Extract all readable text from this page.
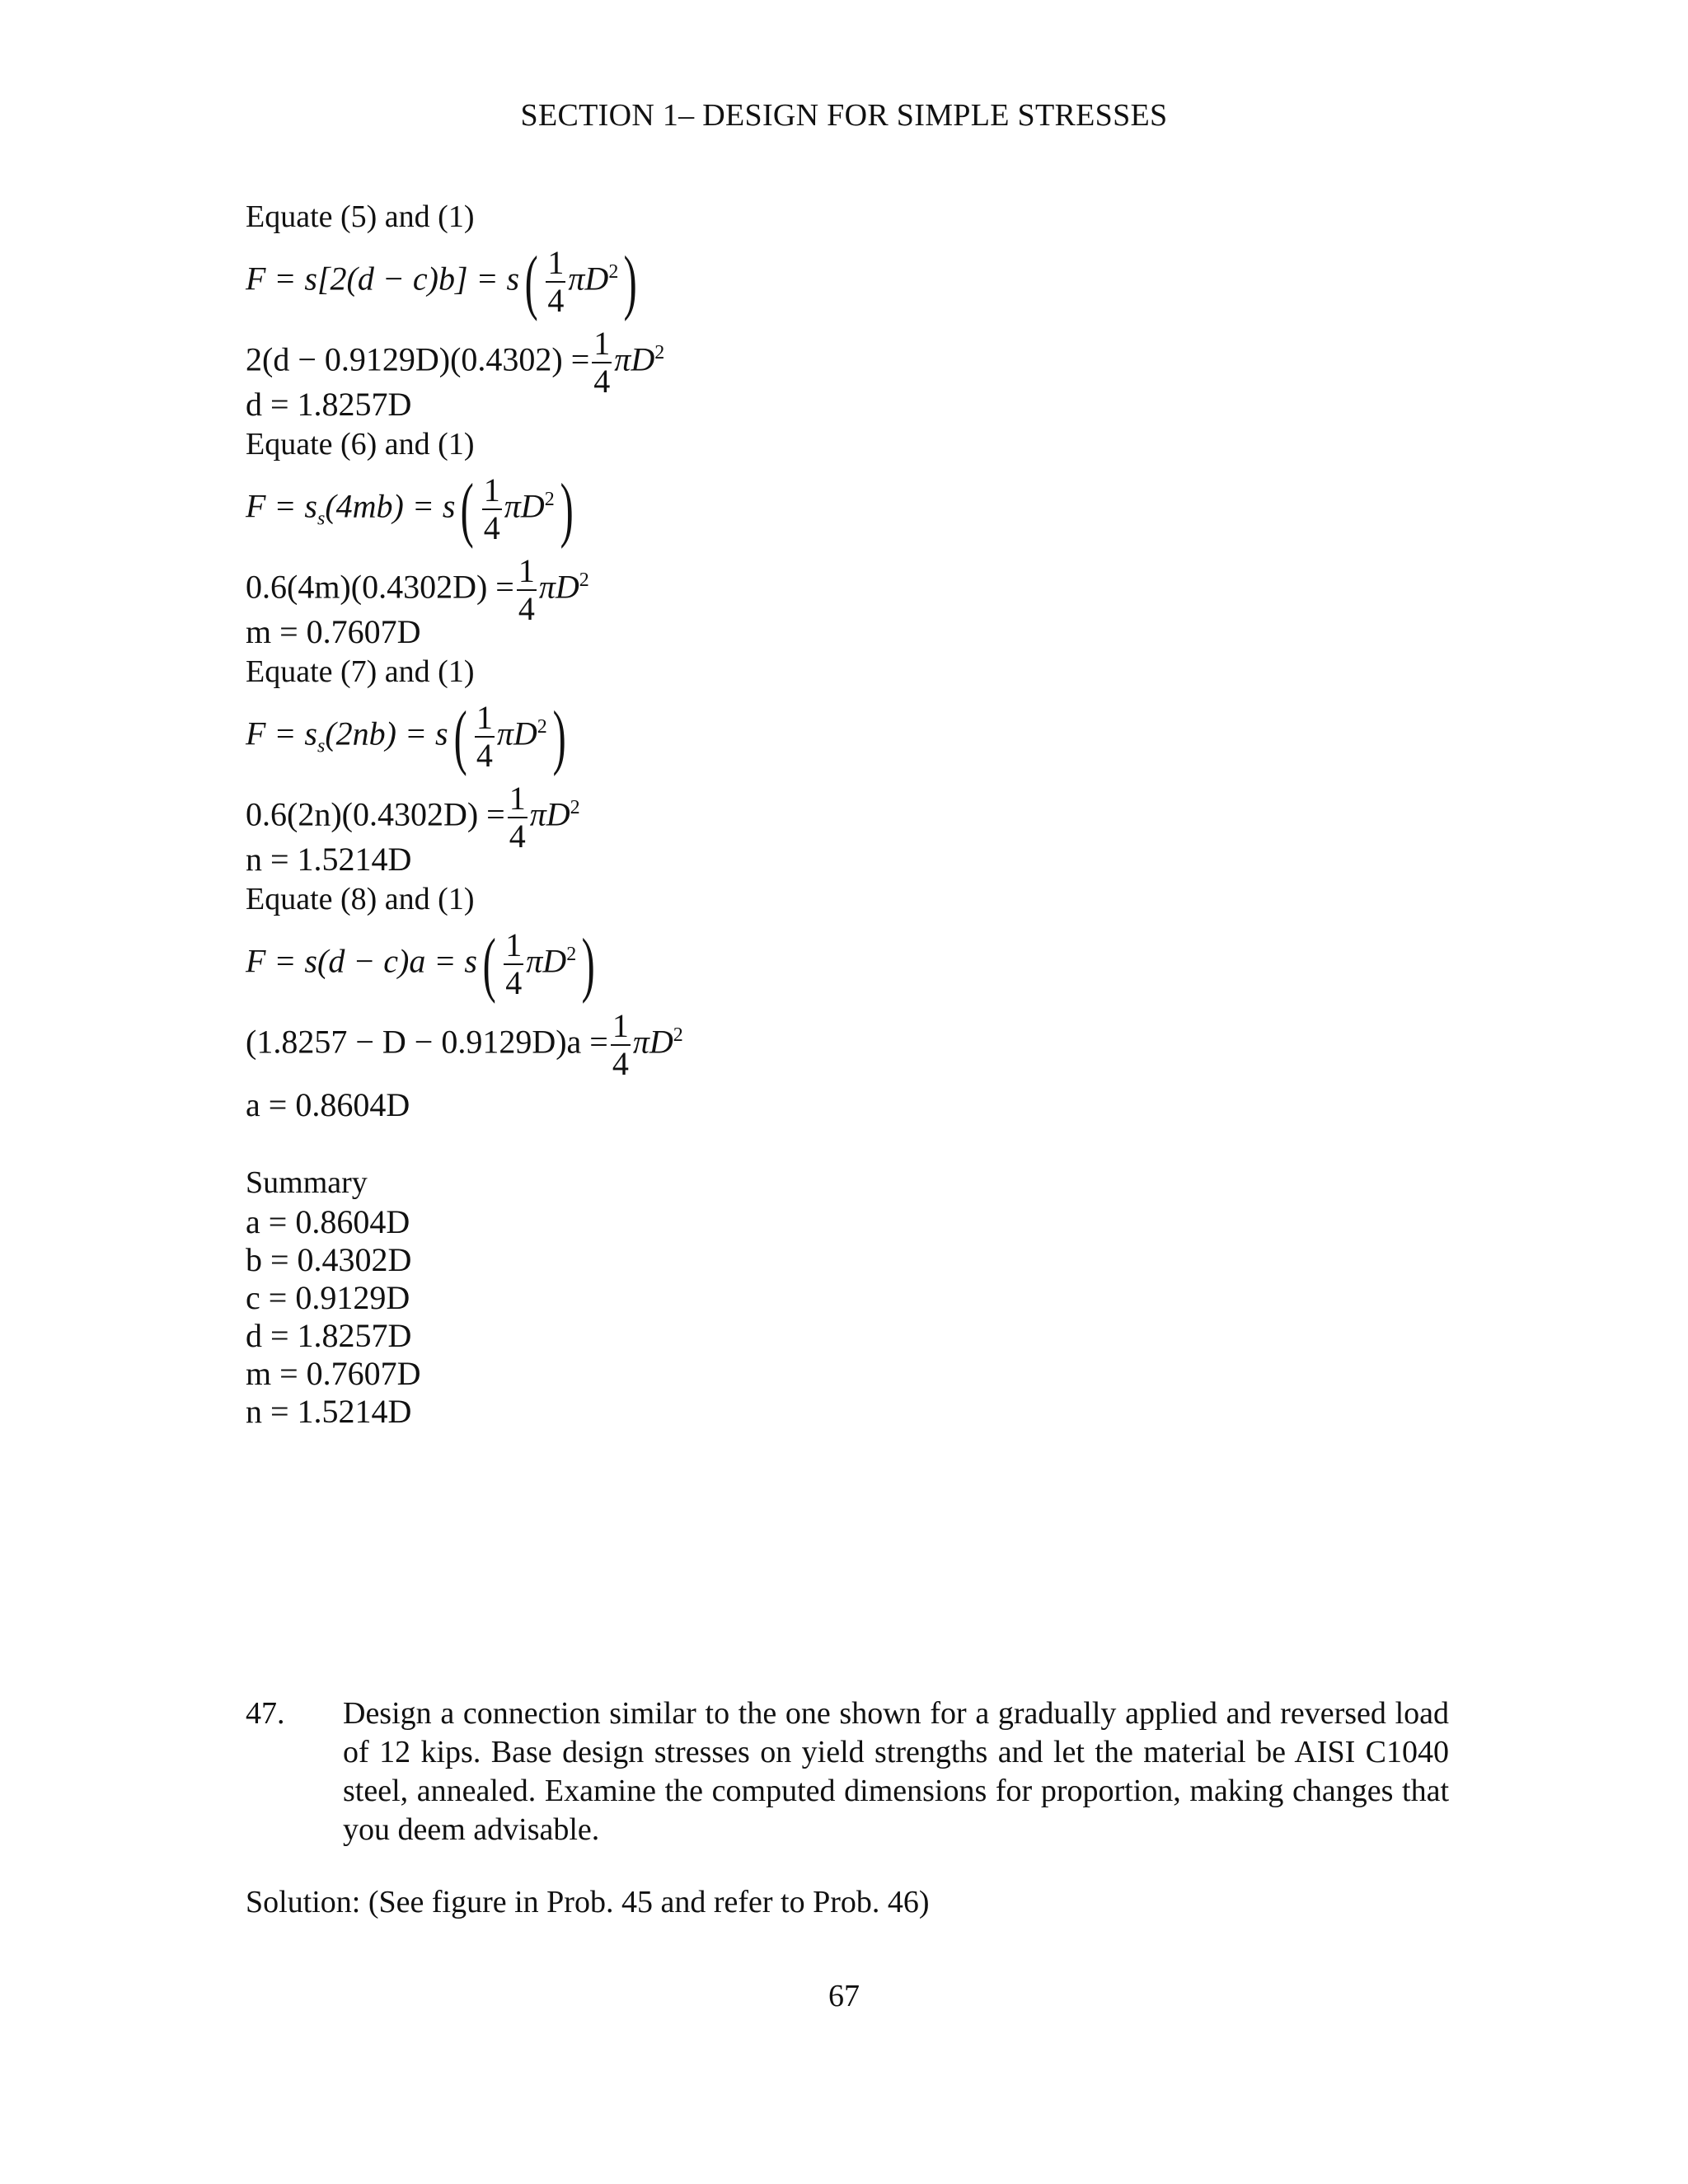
SECTION 1– DESIGN FOR SIMPLE STRESSES
Equate (5) and (1)
$F = s[2(d - c)b] = s( \frac{1}{4} \pi D^2)$
$2(d - 0.9129D)(0.4302) = \frac{1}{4} \pi D^2$
d = 1.8257D
Equate (6) and (1)
$F = s_s(4mb) = s( \frac{1}{4} \pi D^2)$
$0.6(4m)(0.4302D) = \frac{1}{4} \pi D^2$
m = 0.7607D
Equate (7) and (1)
$F = s_s(2nb) = s( \frac{1}{4} \pi D^2)$
$0.6(2n)(0.4302D) = \frac{1}{4} \pi D^2$
n = 1.5214D
Equate (8) and (1)
$F = s(d - c)a = s( \frac{1}{4} \pi D^2)$
$(1.8257 - D - 0.9129D)a = \frac{1}{4} \pi D^2$
a = 0.8604D
Summary
a = 0.8604D
b = 0.4302D
c = 0.9129D
d = 1.8257D
m = 0.7607D
n = 1.5214D
47. Design a connection similar to the one shown for a gradually applied and reversed load of 12 kips. Base design stresses on yield strengths and let the material be AISI C1040 steel, annealed. Examine the computed dimensions for proportion, making changes that you deem advisable.
Solution: (See figure in Prob. 45 and refer to Prob. 46)
67
